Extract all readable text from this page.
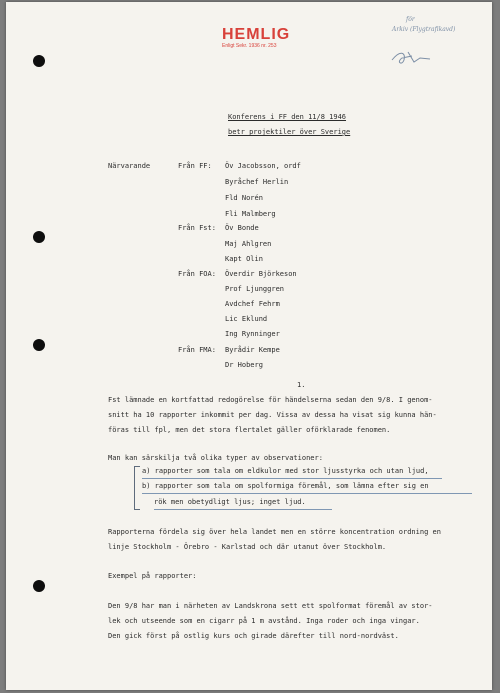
HEMLIG
Enligt Sekr. 1936 nr. 253
för
Arkiv (Flygtrafikavd)
Konferens i FF den 11/8 1946
betr projektiler över Sverige
Närvarande	Från FF: Öv Jacobsson, ordf
Byråchef Herlin
Fld Norén
Fli Malmberg
Från Fst: Öv Bonde
Maj Ahlgren
Kapt Olin
Från FOA: Överdir Björkeson
Prof Ljunggren
Avdchef Fehrm
Lic Eklund
Ing Rynninger
Från FMA: Byrådir Kempe
Dr Hoberg
1.
Fst lämnade en kortfattad redogörelse för händelserna sedan den 9/8. I genom-
snitt ha 10 rapporter inkommit per dag. Vissa av dessa ha visat sig kunna hän-
föras till fpl, men det stora flertalet gäller oförklarade fenomen.
Man kan särskilja två olika typer av observationer:
a) rapporter som tala om eldkulor med stor ljusstyrka och utan ljud,
b) rapporter som tala om spolformiga föremål, som lämna efter sig en
rök men obetydligt ljus; inget ljud.
Rapporterna fördela sig över hela landet men en större koncentration ordning en
linje Stockholm - Örebro - Karlstad och där utanut över Stockholm.
Exempel på rapporter:
Den 9/8 har man i närheten av Landskrona sett ett spolformat föremål av stor-
lek och utseende som en cigarr på 1 m avstånd. Inga roder och inga vingar.
Den gick först på ostlig kurs och girade därefter till nord-nordväst.
